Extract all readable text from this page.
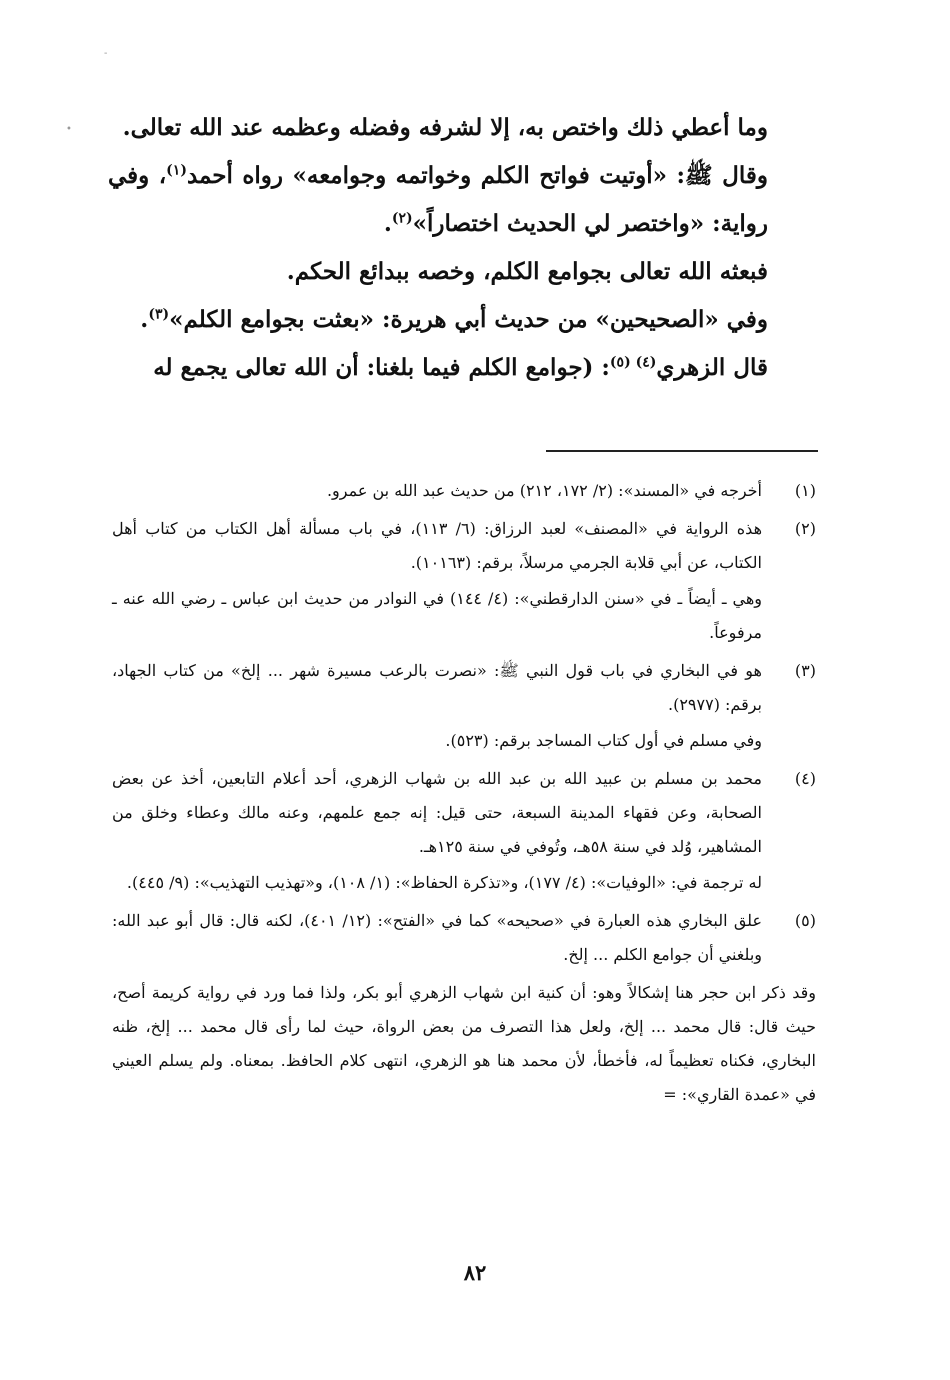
-
•	وما أعطي ذلك واختص به، إلا لشرفه وفضله وعظمه عند الله تعالى.

وقال ﷺ: «أوتيت فواتح الكلم وخواتمه وجوامعه» رواه أحمد$^{(١)}$، وفي رواية: «واختصر لي الحديث اختصاراً»$^{(٢)}$.

فبعثه الله تعالى بجوامع الكلم، وخصه ببدائع الحكم.

وفي «الصحيحين» من حديث أبي هريرة: «بعثت بجوامع الكلم»$^{(٣)}$.

قال الزهري$^{(٤) (٥)}$: (جوامع الكلم فيما بلغنا: أن الله تعالى يجمع له

(١)

أخرجه في «المسند»: (٢/ ١٧٢، ٢١٢) من حديث عبد الله بن عمرو.

(٢)

هذه الرواية في «المصنف» لعبد الرزاق: (٦/ ١١٣)، في باب مسألة أهل الكتاب من كتاب أهل الكتاب، عن أبي قلابة الجرمي مرسلاً، برقم: (١٠١٦٣).

وهي ـ أيضاً ـ في «سنن الدارقطني»: (٤/ ١٤٤) في النوادر من حديث ابن عباس ـ رضي الله عنه ـ مرفوعاً.

(٣)

هو في البخاري في باب قول النبي ﷺ: «نصرت بالرعب مسيرة شهر ... إلخ» من كتاب الجهاد، برقم: (٢٩٧٧).

وفي مسلم في أول كتاب المساجد برقم: (٥٢٣).

(٤)

محمد بن مسلم بن عبيد الله بن عبد الله بن شهاب الزهري، أحد أعلام التابعين، أخذ عن بعض الصحابة، وعن فقهاء المدينة السبعة، حتى قيل: إنه جمع علمهم، وعنه مالك وعطاء وخلق من المشاهير، وُلد في سنة ٥٨هـ، وتُوفي في سنة ١٢٥هـ.

له ترجمة في: «الوفيات»: (٤/ ١٧٧)، و«تذكرة الحفاظ»: (١/ ١٠٨)، و«تهذيب التهذيب»: (٩/ ٤٤٥).

(٥)

علق البخاري هذه العبارة في «صحيحه» كما في «الفتح»: (١٢/ ٤٠١)، لكنه قال: قال أبو عبد الله: وبلغني أن جوامع الكلم ... إلخ.

وقد ذكر ابن حجر هنا إشكالاً وهو: أن كنية ابن شهاب الزهري أبو بكر، ولذا فما ورد في رواية كريمة أصح، حيث قال: قال محمد ... إلخ، ولعل هذا التصرف من بعض الرواة، حيث لما رأى قال محمد ... إلخ، ظنه البخاري، فكناه تعظيماً له، فأخطأ، لأن محمد هنا هو الزهري، انتهى كلام الحافظ. بمعناه. ولم يسلم العيني في «عمدة القاري»: =

٨٢
